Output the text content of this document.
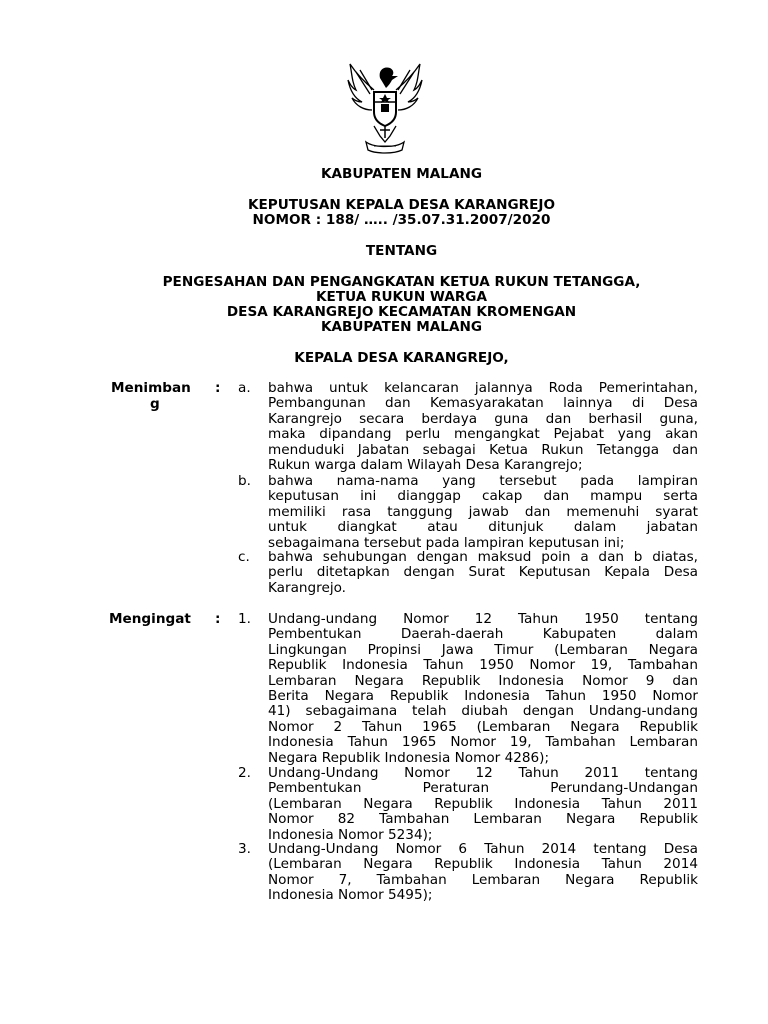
KABUPATEN MALANG
KEPUTUSAN KEPALA DESA KARANGREJO
NOMOR : 188/ ….. /35.07.31.2007/2020
TENTANG
PENGESAHAN DAN PENGANGKATAN KETUA RUKUN TETANGGA,
KETUA RUKUN WARGA
DESA KARANGREJO KECAMATAN KROMENGAN
KABUPATEN MALANG
KEPALA DESA KARANGREJO,
Menimban
g
: a. bahwa untuk kelancaran jalannya Roda Pemerintahan,
Pembangunan dan Kemasyarakatan lainnya di Desa
Karangrejo secara berdaya guna dan berhasil guna,
maka dipandang perlu mengangkat Pejabat yang akan
menduduki Jabatan sebagai Ketua Rukun Tetangga dan
Rukun warga dalam Wilayah Desa Karangrejo;
b. bahwa nama-nama yang tersebut pada lampiran
keputusan ini dianggap cakap dan mampu serta
memiliki rasa tanggung jawab dan memenuhi syarat
untuk diangkat atau ditunjuk dalam jabatan
sebagaimana tersebut pada lampiran keputusan ini;
c. bahwa sehubungan dengan maksud poin a dan b diatas,
perlu ditetapkan dengan Surat Keputusan Kepala Desa
Karangrejo.
Mengingat : 1. Undang-undang Nomor 12 Tahun 1950 tentang
Pembentukan Daerah-daerah Kabupaten dalam
Lingkungan Propinsi Jawa Timur (Lembaran Negara
Republik Indonesia Tahun 1950 Nomor 19, Tambahan
Lembaran Negara Republik Indonesia Nomor 9 dan
Berita Negara Republik Indonesia Tahun 1950 Nomor
41) sebagaimana telah diubah dengan Undang-undang
Nomor 2 Tahun 1965 (Lembaran Negara Republik
Indonesia Tahun 1965 Nomor 19, Tambahan Lembaran
Negara Republik Indonesia Nomor 4286);
2. Undang-Undang Nomor 12 Tahun 2011 tentang
Pembentukan Peraturan Perundang-Undangan
(Lembaran Negara Republik Indonesia Tahun 2011
Nomor 82 Tambahan Lembaran Negara Republik
Indonesia Nomor 5234);
3. Undang-Undang Nomor 6 Tahun 2014 tentang Desa
(Lembaran Negara Republik Indonesia Tahun 2014
Nomor 7, Tambahan Lembaran Negara Republik
Indonesia Nomor 5495);
